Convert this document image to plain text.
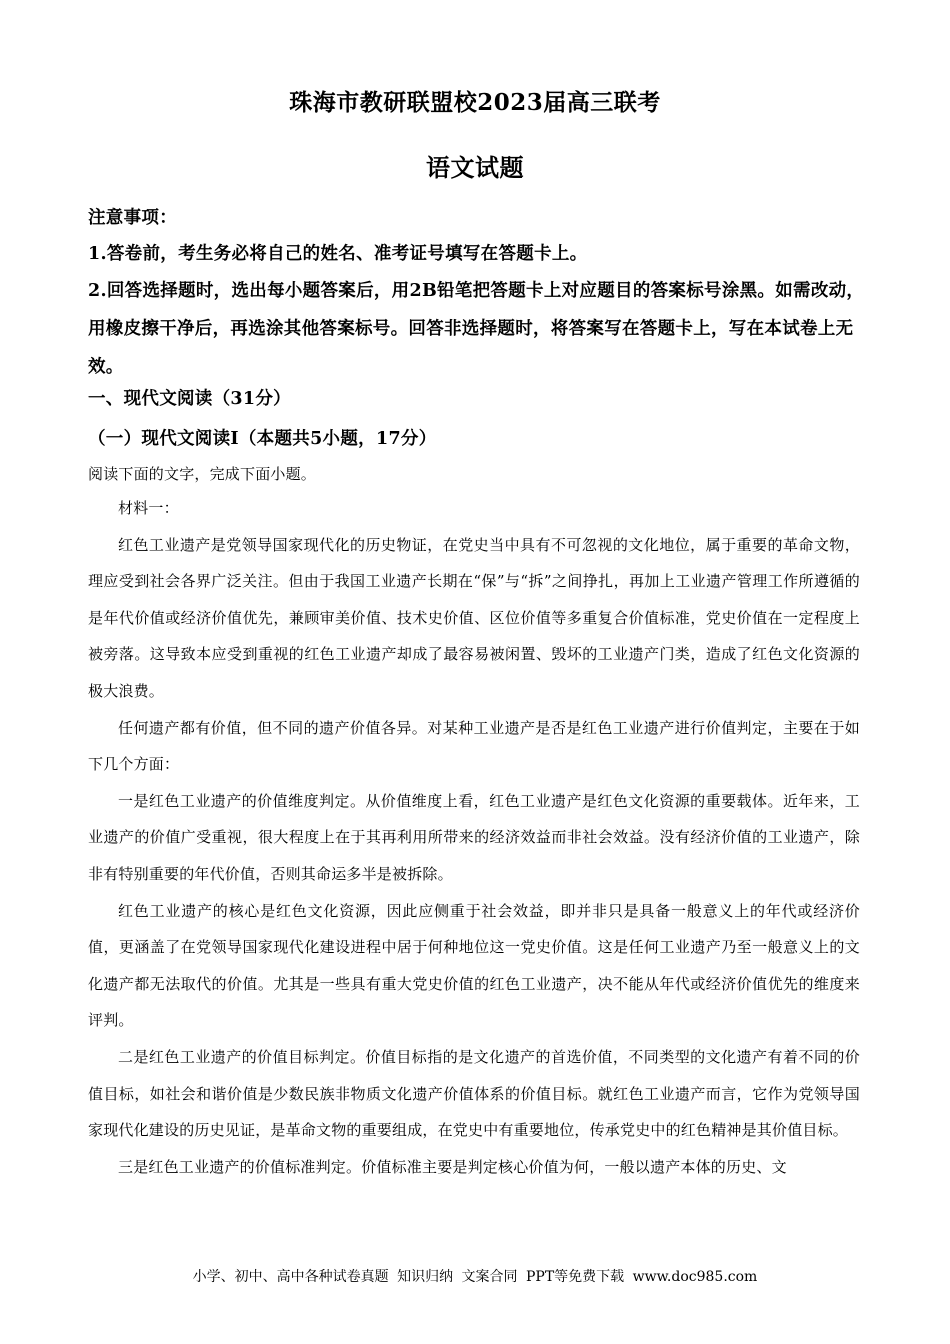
珠海市教研联盟校2023届高三联考
语文试题
注意事项：
1.答卷前，考生务必将自己的姓名、准考证号填写在答题卡上。
2.回答选择题时，选出每小题答案后，用2B铅笔把答题卡上对应题目的答案标号涂黑。如需改动，用橡皮擦干净后，再选涂其他答案标号。回答非选择题时，将答案写在答题卡上，写在本试卷上无效。
一、现代文阅读（31分）
（一）现代文阅读Ⅰ（本题共5小题，17分）
阅读下面的文字，完成下面小题。

材料一：

红色工业遗产是党领导国家现代化的历史物证，在党史当中具有不可忽视的文化地位，属于重要的革命文物，理应受到社会各界广泛关注。但由于我国工业遗产长期在“保”与“拆”之间挣扎，再加上工业遗产管理工作所遵循的是年代价值或经济价值优先，兼顾审美价值、技术史价值、区位价值等多重复合价值标准，党史价值在一定程度上被旁落。这导致本应受到重视的红色工业遗产却成了最容易被闲置、毁坏的工业遗产门类，造成了红色文化资源的极大浪费。

任何遗产都有价值，但不同的遗产价值各异。对某种工业遗产是否是红色工业遗产进行价值判定，主要在于如下几个方面：

一是红色工业遗产的价值维度判定。从价值维度上看，红色工业遗产是红色文化资源的重要载体。近年来，工业遗产的价值广受重视，很大程度上在于其再利用所带来的经济效益而非社会效益。没有经济价值的工业遗产，除非有特别重要的年代价值，否则其命运多半是被拆除。

红色工业遗产的核心是红色文化资源，因此应侧重于社会效益，即并非只是具备一般意义上的年代或经济价值，更涵盖了在党领导国家现代化建设进程中居于何种地位这一党史价值。这是任何工业遗产乃至一般意义上的文化遗产都无法取代的价值。尤其是一些具有重大党史价值的红色工业遗产，决不能从年代或经济价值优先的维度来评判。

二是红色工业遗产的价值目标判定。价值目标指的是文化遗产的首选价值，不同类型的文化遗产有着不同的价值目标，如社会和谐价值是少数民族非物质文化遗产价值体系的价值目标。就红色工业遗产而言，它作为党领导国家现代化建设的历史见证，是革命文物的重要组成，在党史中有重要地位，传承党史中的红色精神是其价值目标。

三是红色工业遗产的价值标准判定。价值标准主要是判定核心价值为何，一般以遗产本体的历史、文

小学、初中、高中各种试卷真题 知识归纳 文案合同 PPT等免费下载 www.doc985.com
